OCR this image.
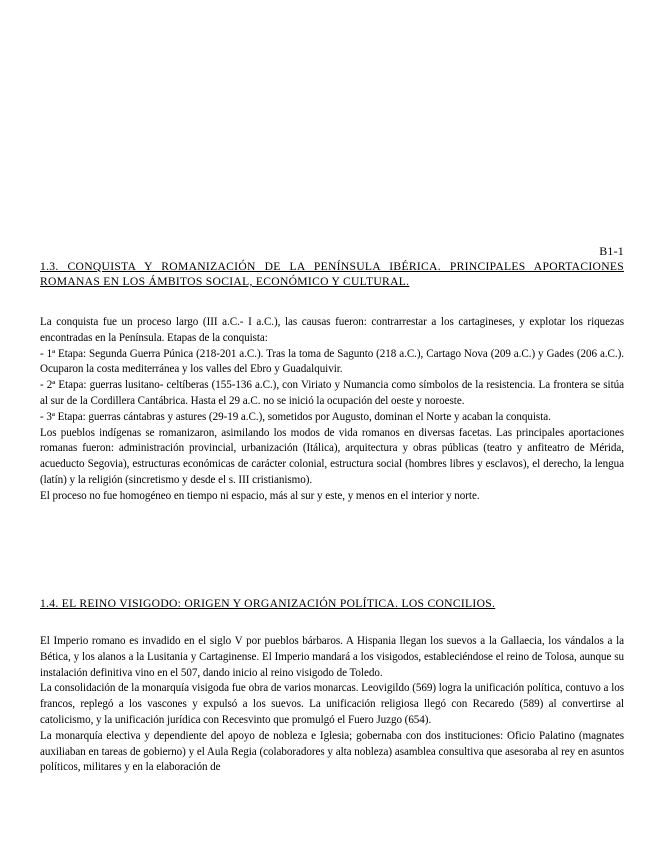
B1-1
1.3. CONQUISTA Y ROMANIZACIÓN DE LA PENÍNSULA IBÉRICA. PRINCIPALES APORTACIONES ROMANAS EN LOS ÁMBITOS SOCIAL, ECONÓMICO Y CULTURAL.

La conquista fue un proceso largo (III a.C.- I a.C.), las causas fueron: contrarrestar a los cartagineses, y explotar los riquezas encontradas en la Península. Etapas de la conquista:

- 1ª Etapa: Segunda Guerra Púnica (218-201 a.C.). Tras la toma de Sagunto (218 a.C.), Cartago Nova (209 a.C.) y Gades (206 a.C.). Ocuparon la costa mediterránea y los valles del Ebro y Guadalquivir.

- 2ª Etapa: guerras lusitano- celtíberas (155-136 a.C.), con Viriato y Numancia como símbolos de la resistencia. La frontera se sitúa al sur de la Cordillera Cantábrica. Hasta el 29 a.C. no se inició la ocupación del oeste y noroeste.

- 3ª Etapa: guerras cántabras y astures (29-19 a.C.), sometidos por Augusto, dominan el Norte y acaban la conquista.

Los pueblos indígenas se romanizaron, asimilando los modos de vida romanos en diversas facetas. Las principales aportaciones romanas fueron: administración provincial, urbanización (Itálica), arquitectura y obras públicas (teatro y anfiteatro de Mérida, acueducto Segovia), estructuras económicas de carácter colonial, estructura social (hombres libres y esclavos), el derecho, la lengua (latín) y la religión (sincretismo y desde el s. III cristianismo).

El proceso no fue homogéneo en tiempo ni espacio, más al sur y este, y menos en el interior y norte.

1.4. EL REINO VISIGODO: ORIGEN Y ORGANIZACIÓN POLÍTICA. LOS CONCILIOS.

El Imperio romano es invadido en el siglo V por pueblos bárbaros. A Hispania llegan los suevos a la Gallaecia, los vándalos a la Bética, y los alanos a la Lusitania y Cartaginense. El Imperio mandará a los visigodos, estableciéndose el reino de Tolosa, aunque su instalación definitiva vino en el 507, dando inicio al reino visigodo de Toledo.

La consolidación de la monarquía visigoda fue obra de varios monarcas. Leovigildo (569) logra la unificación política, contuvo a los francos, replegó a los vascones y expulsó a los suevos. La unificación religiosa llegó con Recaredo (589) al convertirse al catolicismo, y la unificación jurídica con Recesvinto que promulgó el Fuero Juzgo (654).

La monarquía electiva y dependiente del apoyo de nobleza e Iglesia; gobernaba con dos instituciones: Oficio Palatino (magnates auxiliaban en tareas de gobierno) y el Aula Regia (colaboradores y alta nobleza) asamblea consultiva que asesoraba al rey en asuntos políticos, militares y en la elaboración de
